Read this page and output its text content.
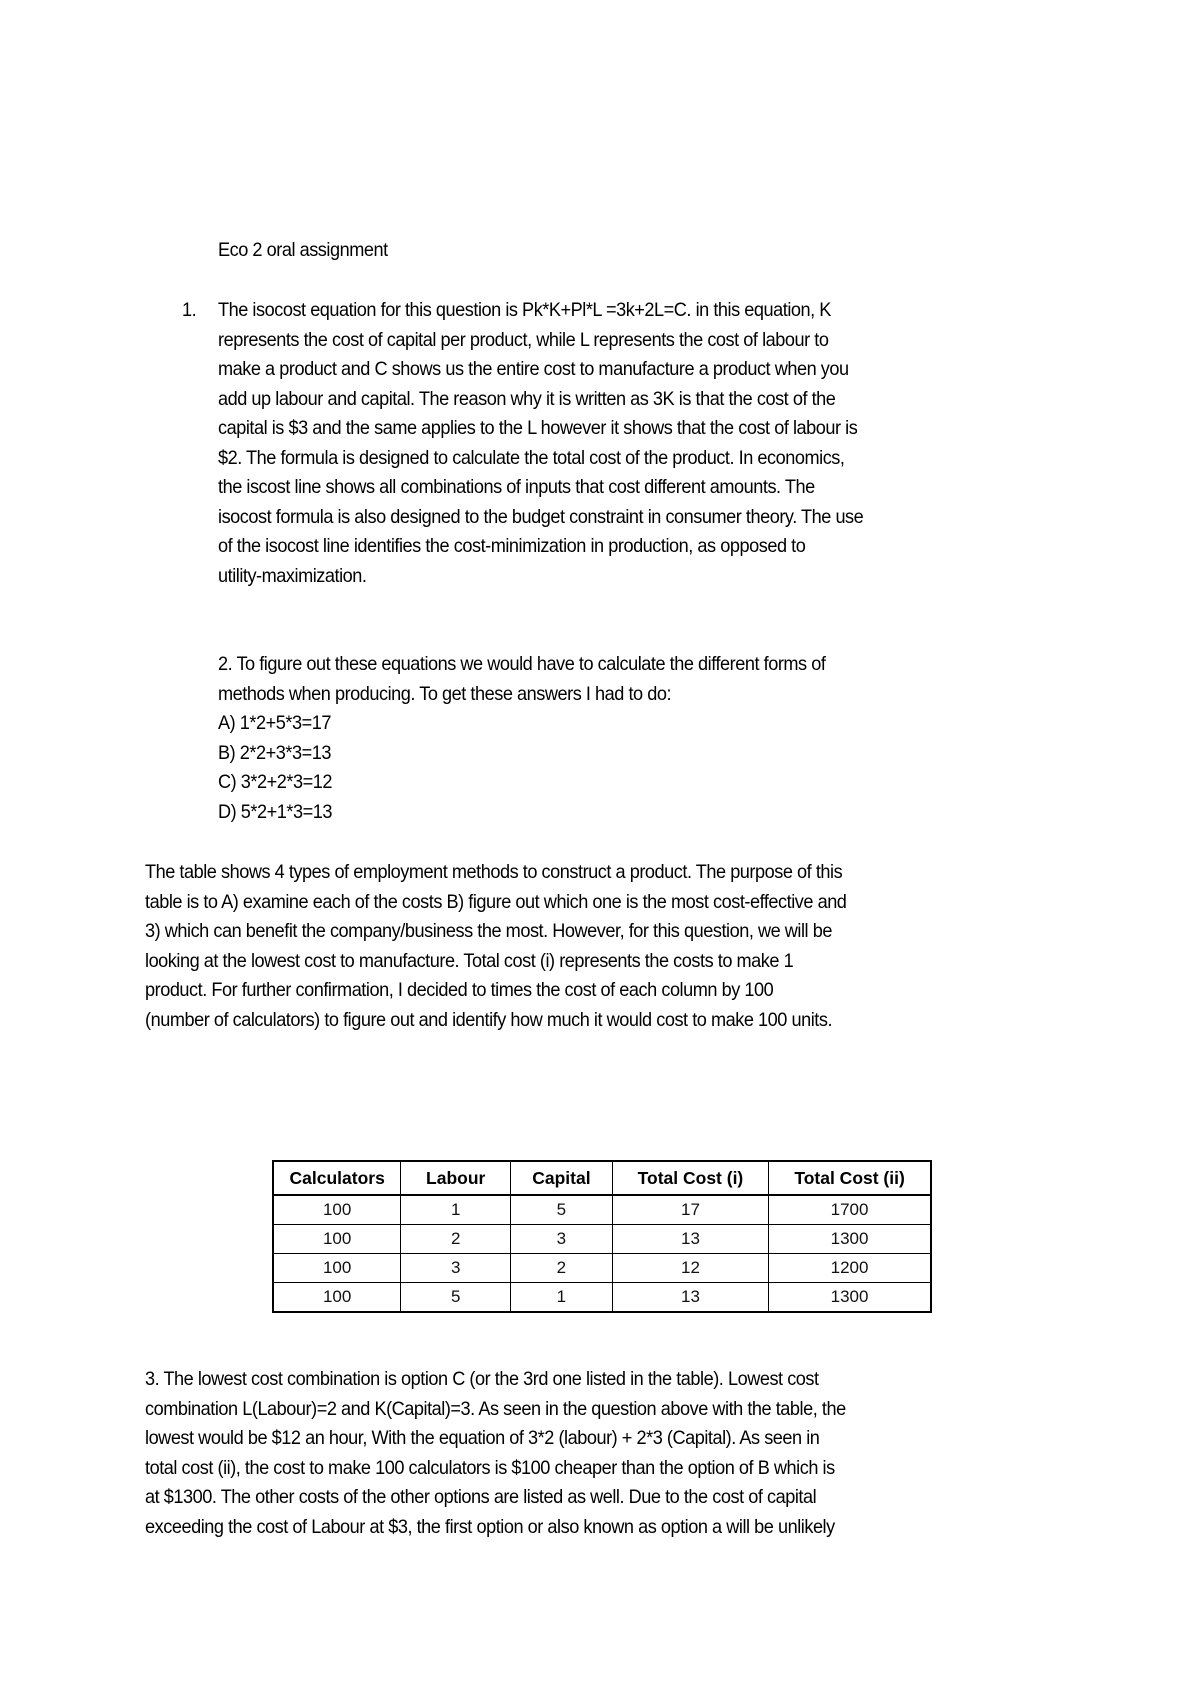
Eco 2 oral assignment
1. The isocost equation for this question is Pk*K+Pl*L =3k+2L=C. in this equation, K
represents the cost of capital per product, while L represents the cost of labour to
make a product and C shows us the entire cost to manufacture a product when you
add up labour and capital. The reason why it is written as 3K is that the cost of the
capital is $3 and the same applies to the L however it shows that the cost of labour is
$2. The formula is designed to calculate the total cost of the product. In economics,
the iscost line shows all combinations of inputs that cost different amounts. The
isocost formula is also designed to the budget constraint in consumer theory. The use
of the isocost line identifies the cost-minimization in production, as opposed to
utility-maximization.
2. To figure out these equations we would have to calculate the different forms of
methods when producing. To get these answers I had to do:
A) 1*2+5*3=17
B) 2*2+3*3=13
C) 3*2+2*3=12
D) 5*2+1*3=13
The table shows 4 types of employment methods to construct a product. The purpose of this
table is to A) examine each of the costs B) figure out which one is the most cost-effective and
3) which can benefit the company/business the most. However, for this question, we will be
looking at the lowest cost to manufacture. Total cost (i) represents the costs to make 1
product. For further confirmation, I decided to times the cost of each column by 100
(number of calculators) to figure out and identify how much it would cost to make 100 units.
Calculators	Labour	Capital	Total Cost (i)	Total Cost (ii)
100	1	5	17	1700
100	2	3	13	1300
100	3	2	12	1200
100	5	1	13	1300
3. The lowest cost combination is option C (or the 3rd one listed in the table). Lowest cost
combination L(Labour)=2 and K(Capital)=3. As seen in the question above with the table, the
lowest would be $12 an hour, With the equation of 3*2 (labour) + 2*3 (Capital). As seen in
total cost (ii), the cost to make 100 calculators is $100 cheaper than the option of B which is
at $1300. The other costs of the other options are listed as well. Due to the cost of capital
exceeding the cost of Labour at $3, the first option or also known as option a will be unlikely
